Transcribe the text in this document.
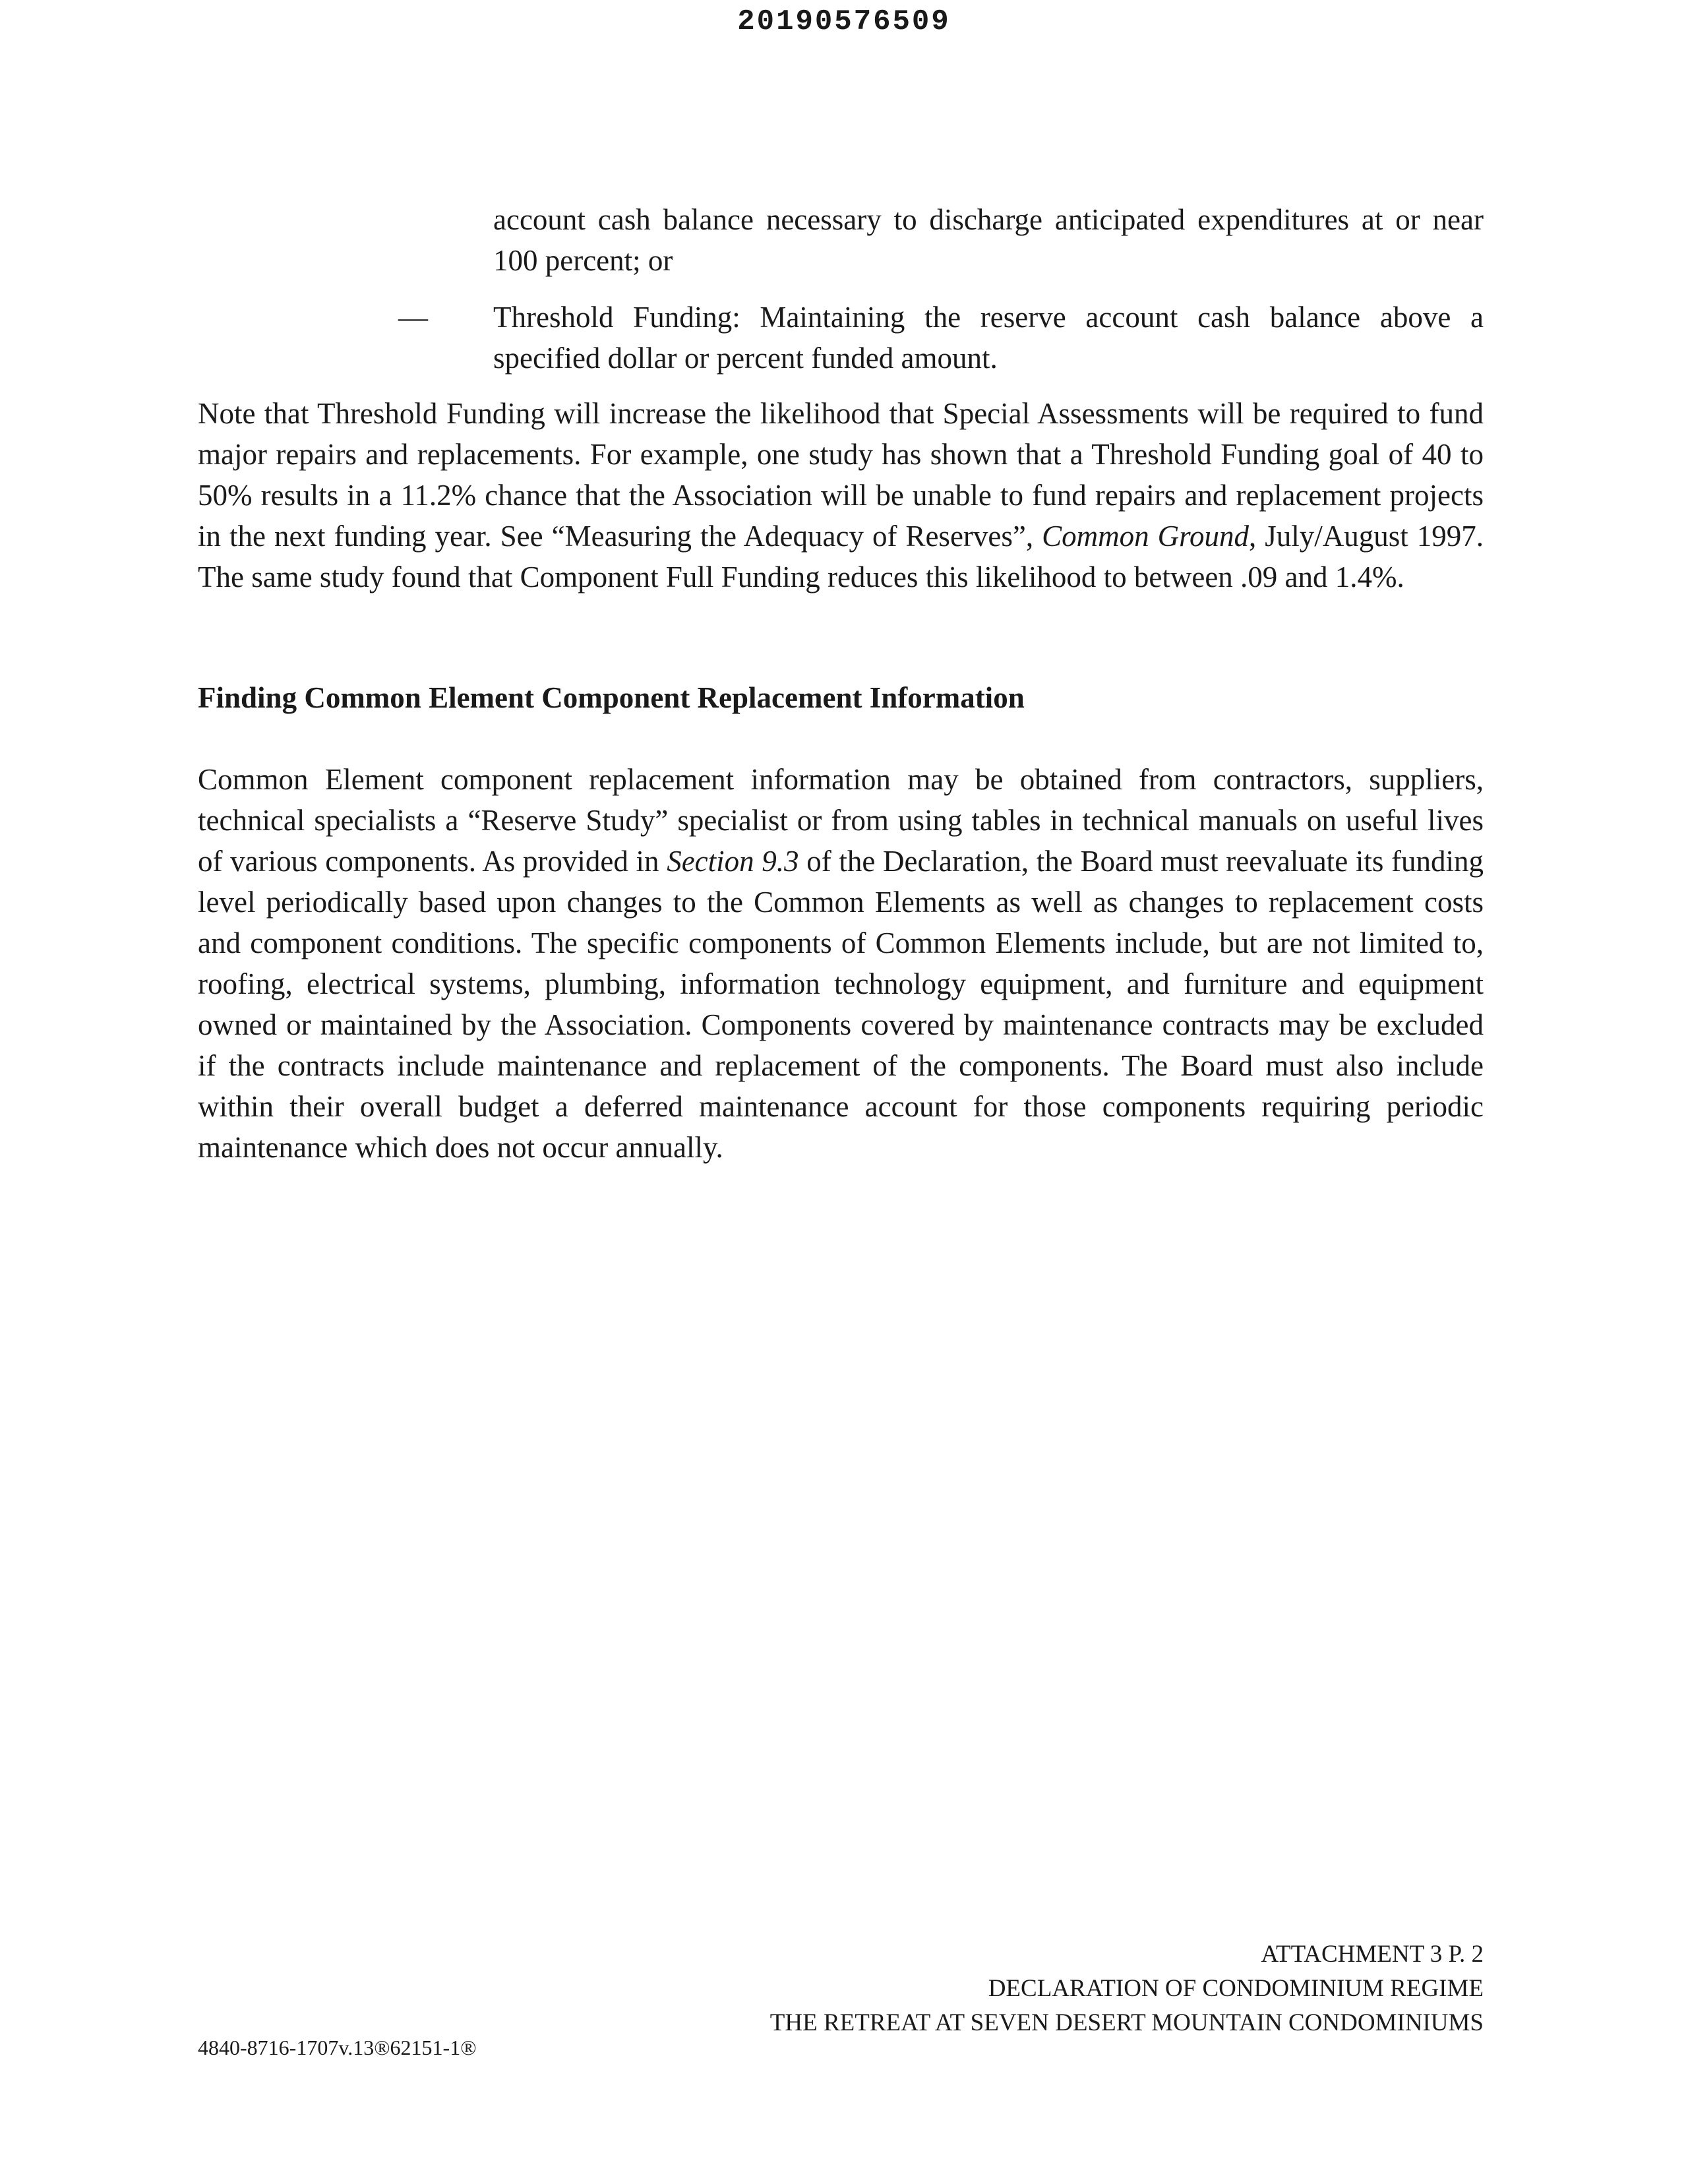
20190576509
account cash balance necessary to discharge anticipated expenditures at or near 100 percent; or
— Threshold Funding: Maintaining the reserve account cash balance above a specified dollar or percent funded amount.
Note that Threshold Funding will increase the likelihood that Special Assessments will be required to fund major repairs and replacements. For example, one study has shown that a Threshold Funding goal of 40 to 50% results in a 11.2% chance that the Association will be unable to fund repairs and replacement projects in the next funding year. See “Measuring the Adequacy of Reserves”, Common Ground, July/August 1997. The same study found that Component Full Funding reduces this likelihood to between .09 and 1.4%.
Finding Common Element Component Replacement Information
Common Element component replacement information may be obtained from contractors, suppliers, technical specialists a “Reserve Study” specialist or from using tables in technical manuals on useful lives of various components. As provided in Section 9.3 of the Declaration, the Board must reevaluate its funding level periodically based upon changes to the Common Elements as well as changes to replacement costs and component conditions. The specific components of Common Elements include, but are not limited to, roofing, electrical systems, plumbing, information technology equipment, and furniture and equipment owned or maintained by the Association. Components covered by maintenance contracts may be excluded if the contracts include maintenance and replacement of the components. The Board must also include within their overall budget a deferred maintenance account for those components requiring periodic maintenance which does not occur annually.
ATTACHMENT 3 P. 2
DECLARATION OF CONDOMINIUM REGIME
THE RETREAT AT SEVEN DESERT MOUNTAIN CONDOMINIUMS
4840-8716-1707v.13®62151-1®
